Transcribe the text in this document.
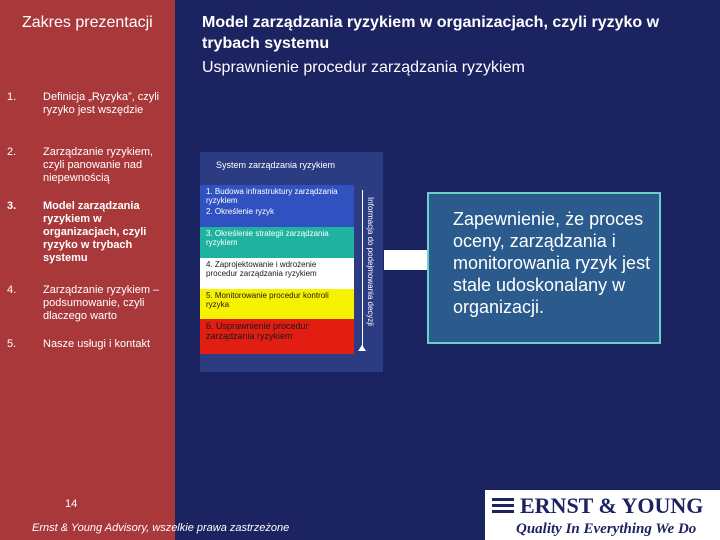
Zakres prezentacji
1. Definicja „Ryzyka”, czyli ryzyko jest wszędzie
2. Zarządzanie ryzykiem, czyli panowanie nad niepewnością
3. Model zarządzania ryzykiem w organizacjach, czyli ryzyko w trybach systemu
4. Zarządzanie ryzykiem – podsumowanie, czyli dlaczego warto
5. Nasze usługi i kontakt
Model zarządzania ryzykiem w organizacjach, czyli ryzyko w trybach systemu
Usprawnienie procedur zarządzania ryzykiem
System zarządzania ryzykiem
1. Budowa infrastruktury zarządzania ryzykiem
2. Określenie ryzyk
3. Określenie strategii zarządzania ryzykiem
4. Zaprojektowanie i wdrożenie procedur zarządzania ryzykiem
5. Monitorowanie procedur kontroli ryzyka
6. Usprawnienie procedur zarządzania ryzykiem
Informacja do podejmowania decyzji	Zapewnienie, że proces oceny, zarządzania i monitorowania ryzyk jest stale udoskonalany w organizacji.
14
Ernst & Young Advisory, wszelkie prawa zastrzeżone
ERNST & YOUNG
Quality In Everything We Do
